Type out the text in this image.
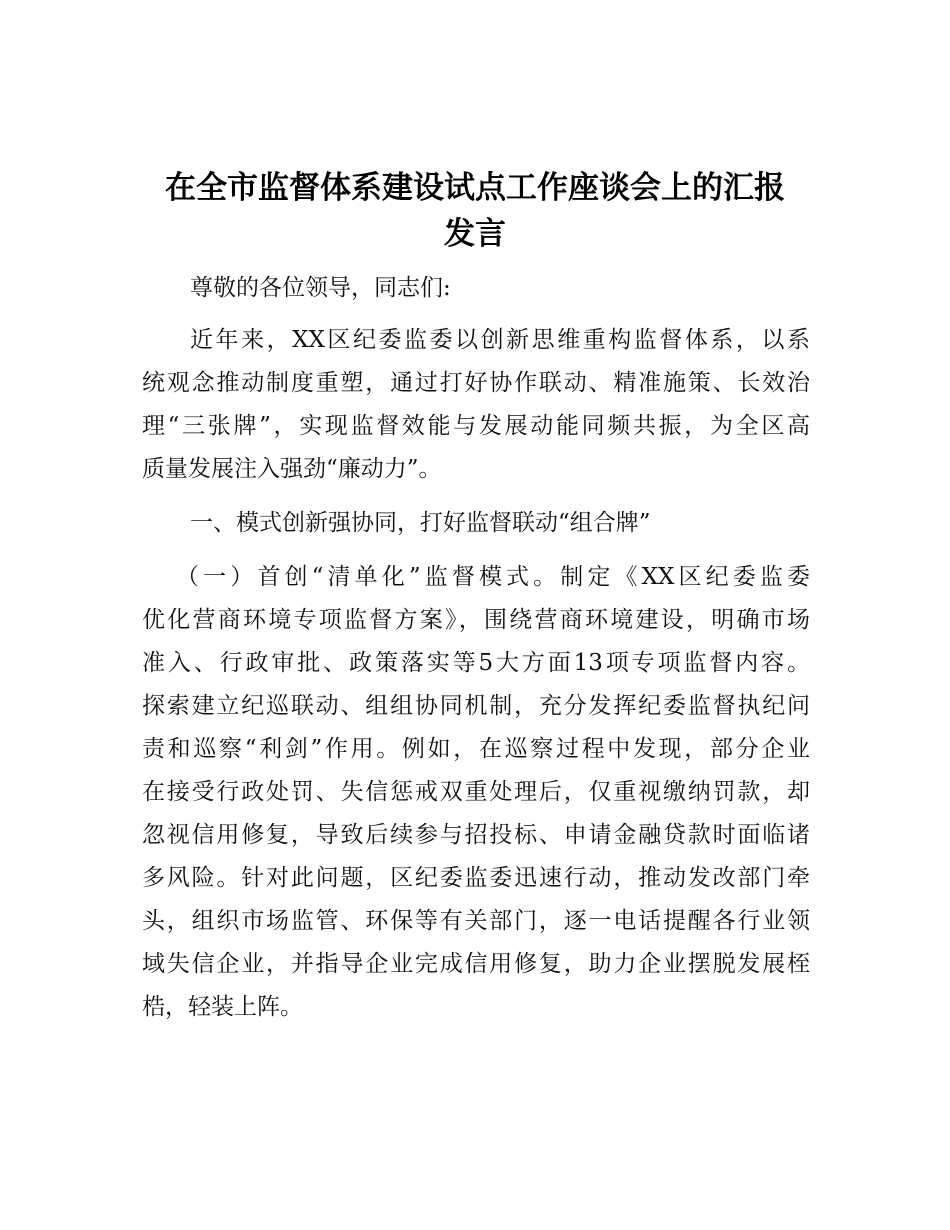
在全市监督体系建设试点工作座谈会上的汇报
发言

尊敬的各位领导，同志们:

近年来，XX区纪委监委以创新思维重构监督体系，以系

统观念推动制度重塑，通过打好协作联动、精准施策、长效治

理“三张牌”，实现监督效能与发展动能同频共振，为全区高

质量发展注入强劲“廉动力”。

一、模式创新强协同，打好监督联动“组合牌”

（一）首创“清单化”监督模式。制定《XX区纪委监委

优化营商环境专项监督方案》，围绕营商环境建设，明确市场

准入、行政审批、政策落实等5大方面13项专项监督内容。

探索建立纪巡联动、组组协同机制，充分发挥纪委监督执纪问

责和巡察“利剑”作用。例如，在巡察过程中发现，部分企业

在接受行政处罚、失信惩戒双重处理后，仅重视缴纳罚款，却

忽视信用修复，导致后续参与招投标、申请金融贷款时面临诸

多风险。针对此问题，区纪委监委迅速行动，推动发改部门牵

头，组织市场监管、环保等有关部门，逐一电话提醒各行业领

域失信企业，并指导企业完成信用修复，助力企业摆脱发展桎

梏，轻装上阵。
